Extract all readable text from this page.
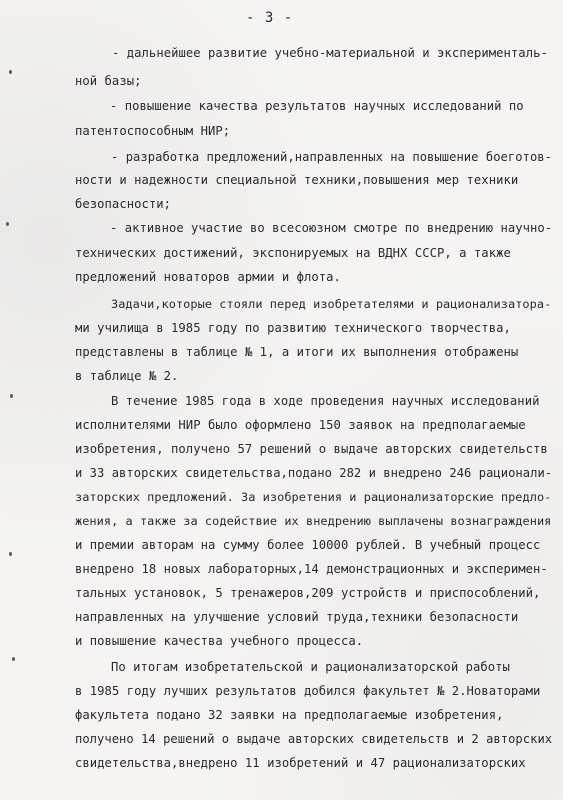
- 3 -
- дальнейшее развитие учебно-материальной и эксперименталь-
ной базы;
- повышение качества результатов научных исследований по
патентоспособным НИР;
- разработка предложений,направленных на повышение боеготов-
ности и надежности специальной техники,повышения мер техники
безопасности;
- активное участие во всесоюзном смотре по внедрению научно-
технических достижений, экспонируемых на ВДНХ СССР, а также
предложений новаторов армии и флота.
Задачи,которые стояли перед изобретателями и рационализатора-
ми училища в 1985 году по развитию технического творчества,
представлены в таблице № 1, а итоги их выполнения отображены
в таблице № 2.
В течение 1985 года в ходе проведения научных исследований
исполнителями НИР было оформлено 150 заявок на предполагаемые
изобретения, получено 57 решений о выдаче авторских свидетельств
и 33 авторских свидетельства,подано 282 и внедрено 246 рационали-
заторских предложений. За изобретения и рационализаторские предло-
жения, а также за содействие их внедрению выплачены вознаграждения
и премии авторам на сумму более 10000 рублей. В учебный процесс
внедрено 18 новых лабораторных,14 демонстрационных и эксперимен-
тальных установок, 5 тренажеров,209 устройств и приспособлений,
направленных на улучшение условий труда,техники безопасности
и повышение качества учебного процесса.
По итогам изобретательской и рационализаторской работы
в 1985 году лучших результатов добился факультет № 2.Новаторами
факультета подано 32 заявки на предполагаемые изобретения,
получено 14 решений о выдаче авторских свидетельств и 2 авторских
свидетельства,внедрено 11 изобретений и 47 рационализаторских
